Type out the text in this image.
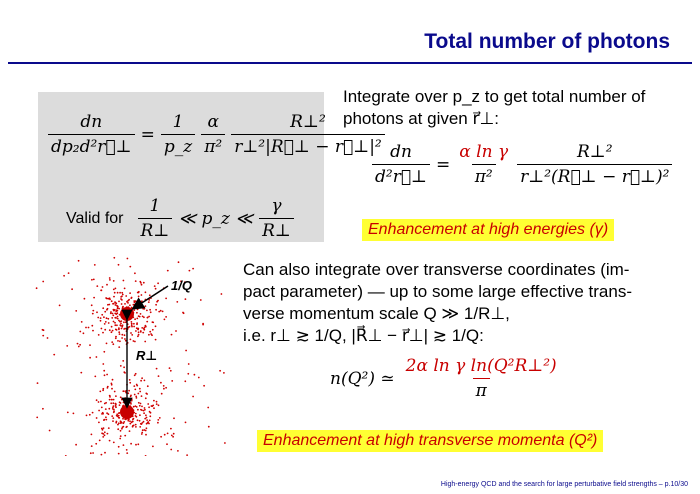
Total number of photons
$\frac{dn}{\text{dp₂d²r⃗⊥}} = \frac{1}{p\_z} \frac{\alpha}{\text{π²}} \frac{\text{R⊥²}}{\text{r⊥²|R⃗⊥ − r⃗⊥|²}}$
Valid for $\frac{1}{R\perp}$ ≪ p_z ≪ $\frac{\gamma}{R\perp}$
Integrate over p_z to get total number of photons at given r⃗⊥:
$\frac{dn}{\text{d²r⃗⊥}} = \frac{\text{α ln γ}}{\text{π²}} \frac{\text{R⊥²}}{\text{r⊥²(R⃗⊥ − r⃗⊥)²}}$
Enhancement at high energies (γ)
Can also integrate over transverse coordinates (im-
pact parameter) — up to some large effective trans-
verse momentum scale Q ≫ 1/R⊥,
i.e. r⊥ ≳ 1/Q, |R⃗⊥ − r⃗⊥| ≳ 1/Q:
n(Q²) ≃ $\frac{\text{2α ln γ ln(Q²R⊥²)}}{\pi}$
Enhancement at high transverse momenta (Q²)
1/Q
R⊥
High-energy QCD and the search for large perturbative field strengths – p.10/30
